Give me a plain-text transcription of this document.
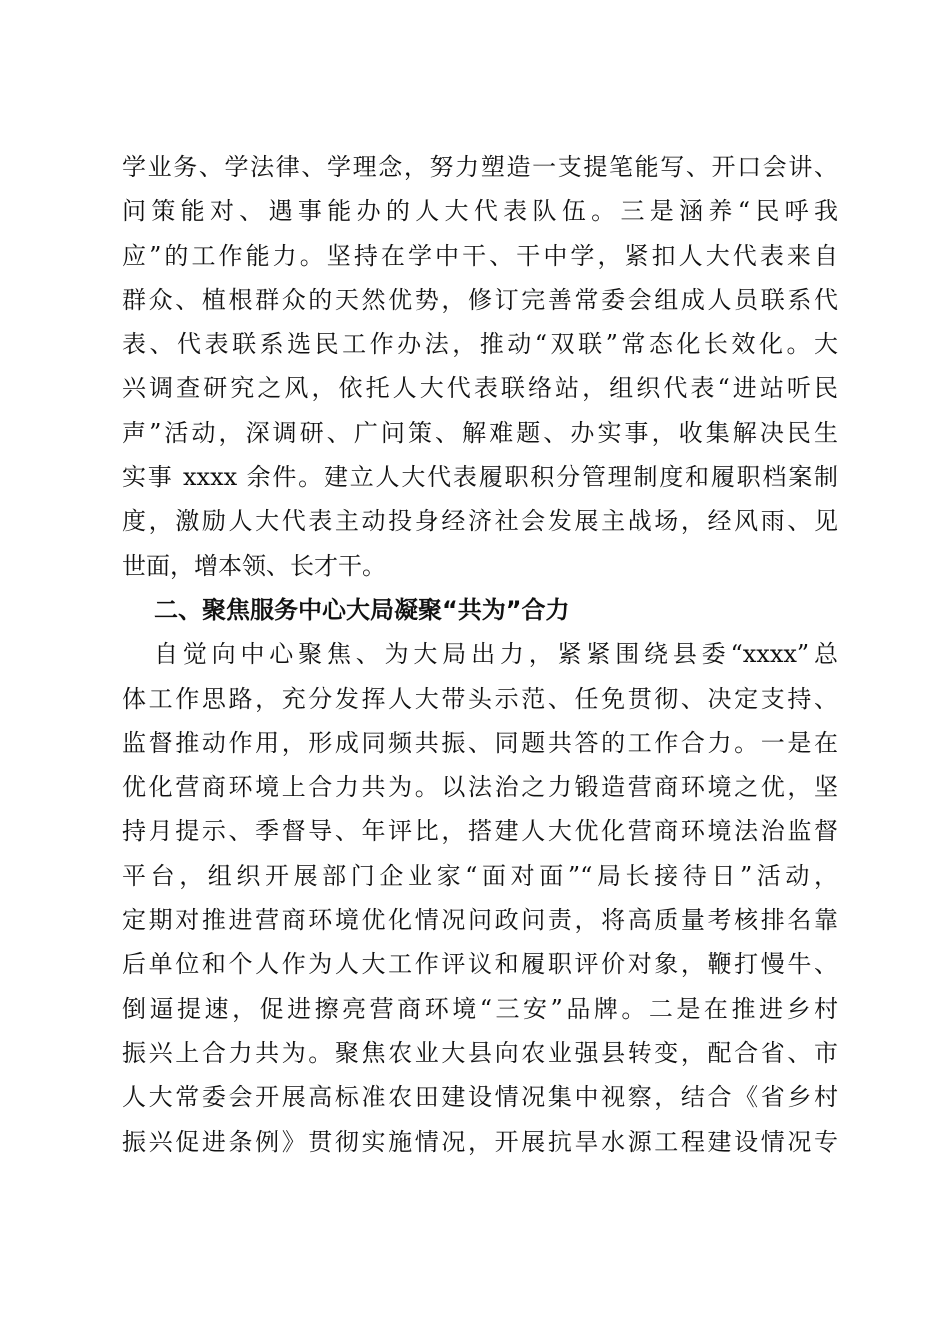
学业务、学法律、学理念，努力塑造一支提笔能写、开口会讲、
问策能对、遇事能办的人大代表队伍。三是涵养“民呼我
应”的工作能力。坚持在学中干、干中学，紧扣人大代表来自
群众、植根群众的天然优势，修订完善常委会组成人员联系代
表、代表联系选民工作办法，推动“双联”常态化长效化。大
兴调查研究之风，依托人大代表联络站，组织代表“进站听民
声”活动，深调研、广问策、解难题、办实事，收集解决民生
实事 xxxx 余件。建立人大代表履职积分管理制度和履职档案制
度，激励人大代表主动投身经济社会发展主战场，经风雨、见
世面，增本领、长才干。
二、聚焦服务中心大局凝聚“共为”合力
自觉向中心聚焦、为大局出力，紧紧围绕县委“xxxx”总
体工作思路，充分发挥人大带头示范、任免贯彻、决定支持、
监督推动作用，形成同频共振、同题共答的工作合力。一是在
优化营商环境上合力共为。以法治之力锻造营商环境之优，坚
持月提示、季督导、年评比，搭建人大优化营商环境法治监督
平台，组织开展部门企业家“面对面”“局长接待日”活动，
定期对推进营商环境优化情况问政问责，将高质量考核排名靠
后单位和个人作为人大工作评议和履职评价对象，鞭打慢牛、
倒逼提速，促进擦亮营商环境“三安”品牌。二是在推进乡村
振兴上合力共为。聚焦农业大县向农业强县转变，配合省、市
人大常委会开展高标准农田建设情况集中视察，结合《省乡村
振兴促进条例》贯彻实施情况，开展抗旱水源工程建设情况专
